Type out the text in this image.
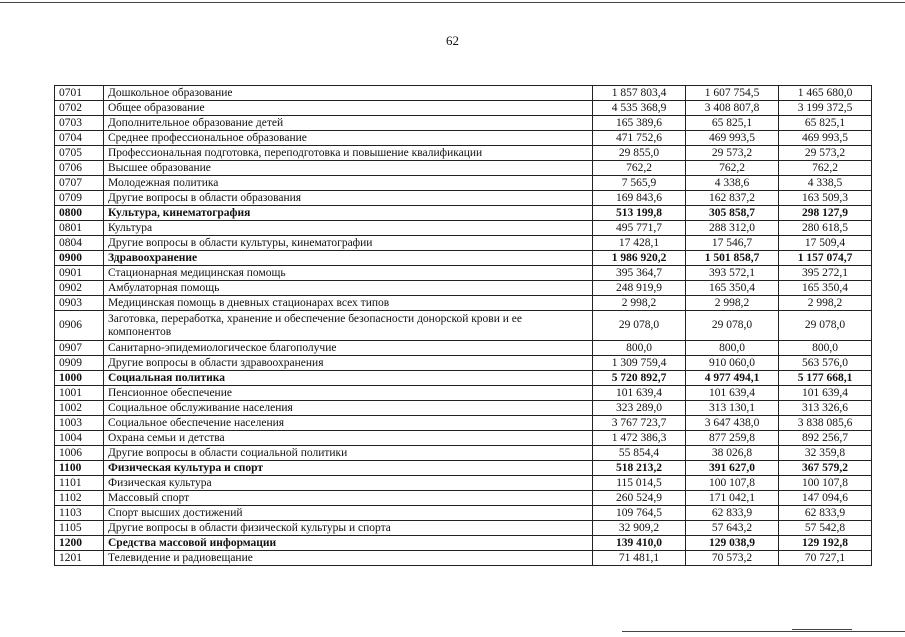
62
0701	Дошкольное образование	1 857 803,4	1 607 754,5	1 465 680,0
0702	Общее образование	4 535 368,9	3 408 807,8	3 199 372,5
0703	Дополнительное образование детей	165 389,6	65 825,1	65 825,1
0704	Среднее профессиональное образование	471 752,6	469 993,5	469 993,5
0705	Профессиональная подготовка, переподготовка и повышение квалификации	29 855,0	29 573,2	29 573,2
0706	Высшее образование	762,2	762,2	762,2
0707	Молодежная политика	7 565,9	4 338,6	4 338,5
0709	Другие вопросы в области образования	169 843,6	162 837,2	163 509,3
0800	Культура, кинематография	513 199,8	305 858,7	298 127,9
0801	Культура	495 771,7	288 312,0	280 618,5
0804	Другие вопросы в области культуры, кинематографии	17 428,1	17 546,7	17 509,4
0900	Здравоохранение	1 986 920,2	1 501 858,7	1 157 074,7
0901	Стационарная медицинская помощь	395 364,7	393 572,1	395 272,1
0902	Амбулаторная помощь	248 919,9	165 350,4	165 350,4
0903	Медицинская помощь в дневных стационарах всех типов	2 998,2	2 998,2	2 998,2
0906	Заготовка, переработка, хранение и обеспечение безопасности донорской крови и ее компонентов	29 078,0	29 078,0	29 078,0
0907	Санитарно-эпидемиологическое благополучие	800,0	800,0	800,0
0909	Другие вопросы в области здравоохранения	1 309 759,4	910 060,0	563 576,0
1000	Социальная политика	5 720 892,7	4 977 494,1	5 177 668,1
1001	Пенсионное обеспечение	101 639,4	101 639,4	101 639,4
1002	Социальное обслуживание населения	323 289,0	313 130,1	313 326,6
1003	Социальное обеспечение населения	3 767 723,7	3 647 438,0	3 838 085,6
1004	Охрана семьи и детства	1 472 386,3	877 259,8	892 256,7
1006	Другие вопросы в области социальной политики	55 854,4	38 026,8	32 359,8
1100	Физическая культура и спорт	518 213,2	391 627,0	367 579,2
1101	Физическая культура	115 014,5	100 107,8	100 107,8
1102	Массовый спорт	260 524,9	171 042,1	147 094,6
1103	Спорт высших достижений	109 764,5	62 833,9	62 833,9
1105	Другие вопросы в области физической культуры и спорта	32 909,2	57 643,2	57 542,8
1200	Средства массовой информации	139 410,0	129 038,9	129 192,8
1201	Телевидение и радиовещание	71 481,1	70 573,2	70 727,1
